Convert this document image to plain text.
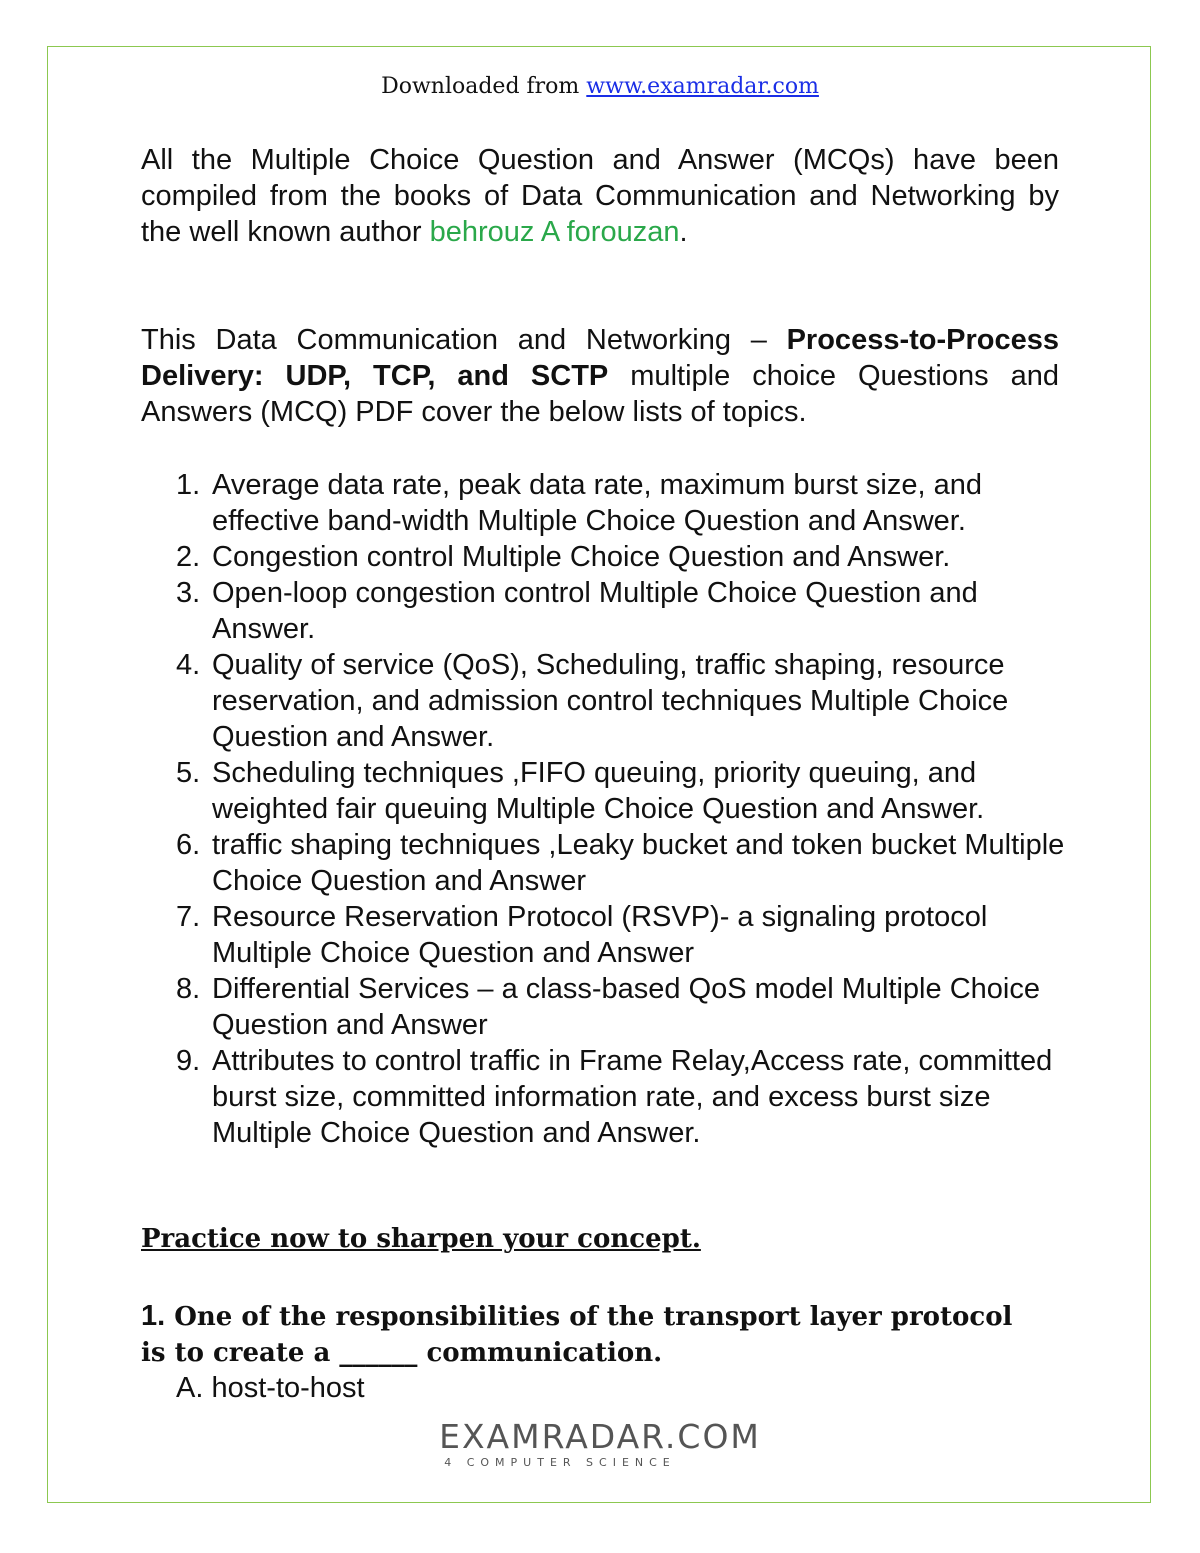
Downloaded from www.examradar.com

All the Multiple Choice Question and Answer (MCQs) have been compiled from the books of Data Communication and Networking by the well known author behrouz A forouzan.

This Data Communication and Networking – Process-to-Process Delivery: UDP, TCP, and SCTP multiple choice Questions and Answers (MCQ) PDF cover the below lists of topics.

1. Average data rate, peak data rate, maximum burst size, and effective band-width Multiple Choice Question and Answer.
2. Congestion control Multiple Choice Question and Answer.
3. Open-loop congestion control Multiple Choice Question and Answer.
4. Quality of service (QoS), Scheduling, traffic shaping, resource reservation, and admission control techniques Multiple Choice Question and Answer.
5. Scheduling techniques ,FIFO queuing, priority queuing, and weighted fair queuing Multiple Choice Question and Answer.
6. traffic shaping techniques ,Leaky bucket and token bucket Multiple Choice Question and Answer
7. Resource Reservation Protocol (RSVP)- a signaling protocol Multiple Choice Question and Answer
8. Differential Services – a class-based QoS model Multiple Choice Question and Answer
9. Attributes to control traffic in Frame Relay,Access rate, committed burst size, committed information rate, and excess burst size Multiple Choice Question and Answer.

Practice now to sharpen your concept.

1. One of the responsibilities of the transport layer protocol is to create a ______ communication.

A. host-to-host

EXAMRADAR.COM
4 COMPUTER SCIENCE
